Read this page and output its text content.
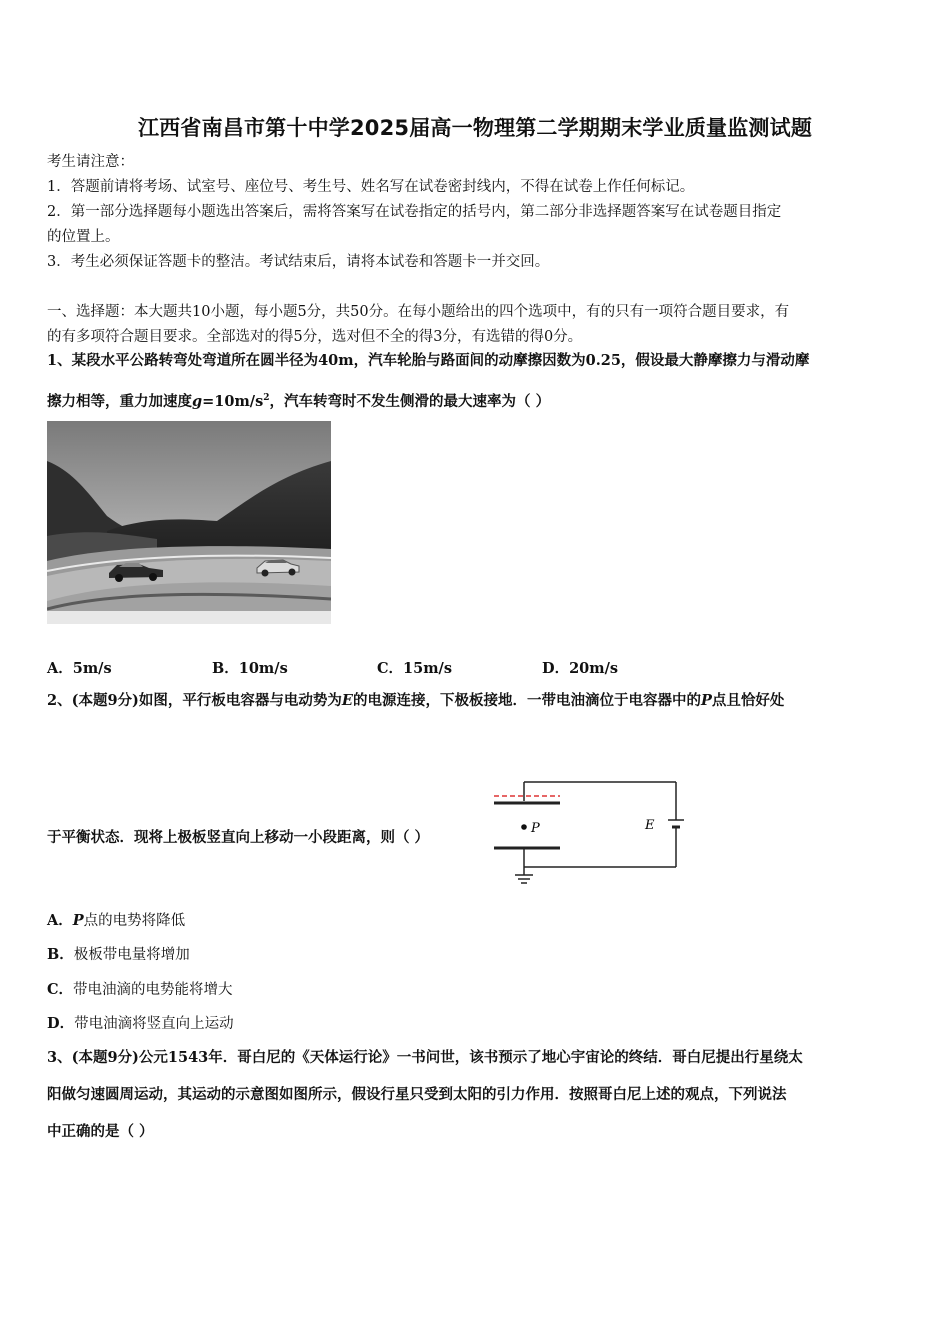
江西省南昌市第十中学2025届高一物理第二学期期末学业质量监测试题
考生请注意：
1．答题前请将考场、试室号、座位号、考生号、姓名写在试卷密封线内，不得在试卷上作任何标记。
2．第一部分选择题每小题选出答案后，需将答案写在试卷指定的括号内，第二部分非选择题答案写在试卷题目指定
的位置上。
3．考生必须保证答题卡的整洁。考试结束后，请将本试卷和答题卡一并交回。
一、选择题：本大题共10小题，每小题5分，共50分。在每小题给出的四个选项中，有的只有一项符合题目要求，有
的有多项符合题目要求。全部选对的得5分，选对但不全的得3分，有选错的得0分。
1、某段水平公路转弯处弯道所在圆半径为40m，汽车轮胎与路面间的动摩擦因数为0.25，假设最大静摩擦力与滑动摩
擦力相等，重力加速度$g=10m/s^2$，汽车转弯时不发生侧滑的最大速率为（ ）
A．5m/s	B．10m/s	C．15m/s	D．20m/s
2、(本题9分)如图，平行板电容器与电动势为E的电源连接，下极板接地．一带电油滴位于电容器中的P点且恰好处
于平衡状态．现将上极板竖直向上移动一小段距离，则（ ）
P	E
A．P点的电势将降低
B．极板带电量将增加
C．带电油滴的电势能将增大
D．带电油滴将竖直向上运动
3、(本题9分)公元1543年．哥白尼的《天体运行论》一书问世，该书预示了地心宇宙论的终结．哥白尼提出行星绕太
阳做匀速圆周运动，其运动的示意图如图所示，假设行星只受到太阳的引力作用．按照哥白尼上述的观点，下列说法
中正确的是（ ）
